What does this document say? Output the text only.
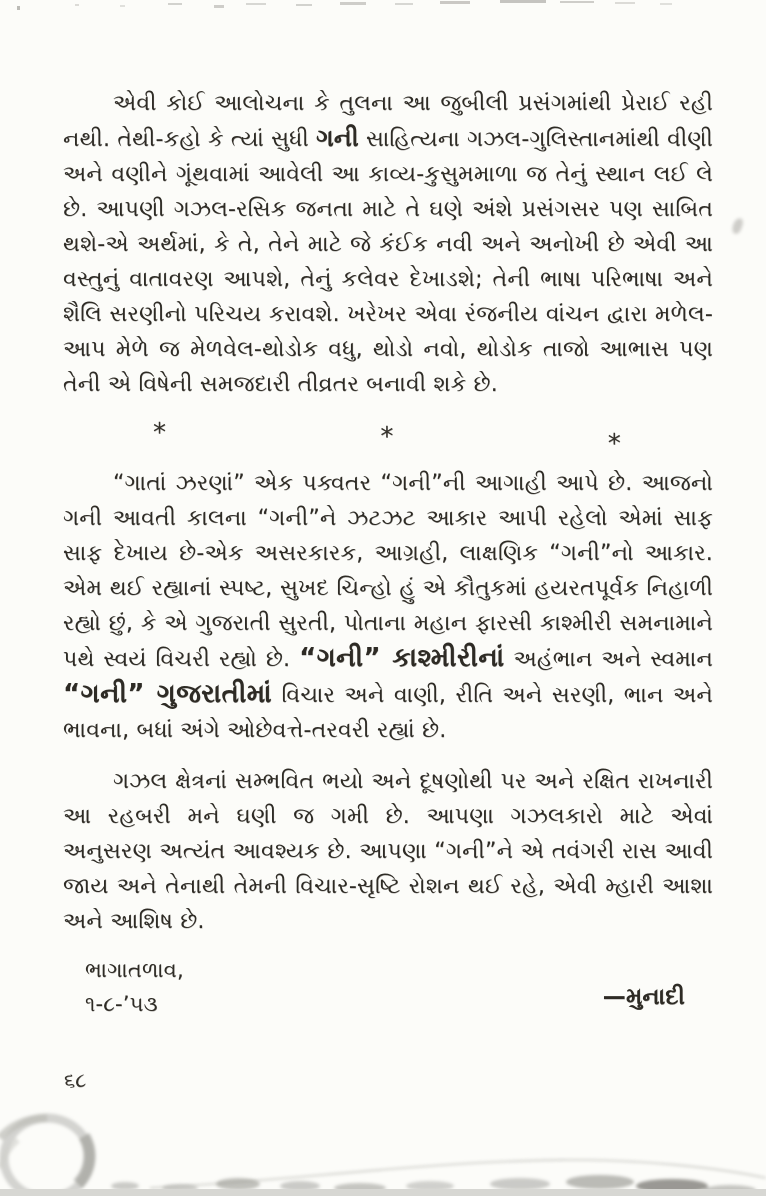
એવી કોઈ આલોચના કે તુલના આ જુબીલી પ્રસંગમાંથી પ્રેરાઈ રહી નથી. તેથી-કહો કે ત્યાં સુધી ગની સાહિત્યના ગઝલ-ગુલિસ્તાનમાંથી વીણી અને વણીને ગૂંથવામાં આવેલી આ કાવ્ય-કુસુમમાળા જ તેનું સ્થાન લઈ લે છે. આપણી ગઝલ-રસિક જનતા માટે તે ઘણે અંશે પ્રસંગસર પણ સાબિત થશે-એ અર્થમાં, કે તે, તેને માટે જે કંઈક નવી અને અનોખી છે એવી આ વસ્તુનું વાતાવરણ આપશે, તેનું કલેવર દેખાડશે; તેની ભાષા પરિભાષા અને શૈલિ સરણીનો પરિચય કરાવશે. ખરેખર એવા રંજનીય વાંચન દ્વારા મળેલ-આપ મેળે જ મેળવેલ-થોડોક વધુ, થોડો નવો, થોડોક તાજો આભાસ પણ તેની એ વિષેની સમજદારી તીવ્રતર બનાવી શકે છે.

*	*	*

“ગાતાં ઝરણાં” એક પક્વતર “ગની”ની આગાહી આપે છે. આજનો ગની આવતી કાલના “ગની”ને ઝટઝટ આકાર આપી રહેલો એમાં સાફ સાફ દેખાય છે-એક અસરકારક, આગ્રહી, લાક્ષણિક “ગની”નો આકાર. એમ થઈ રહ્યાનાં સ્પષ્ટ, સુખદ ચિન્હો હું એ કૌતુકમાં હયરતપૂર્વક નિહાળી રહ્યો છું, કે એ ગુજરાતી સુરતી, પોતાના મહાન ફારસી કાશ્મીરી સમનામાને પથે સ્વયં વિચરી રહ્યો છે. “ગની” કાશ્મીરીનાં અહંભાન અને સ્વમાન “ગની” ગુજરાતીમાં વિચાર અને વાણી, રીતિ અને સરણી, ભાન અને ભાવના, બધાં અંગે ઓછેવત્તે-તરવરી રહ્યાં છે.

ગઝલ ક્ષેત્રનાં સમ્ભવિત ભયો અને દૂષણોથી પર અને રક્ષિત રાખનારી આ રહબરી મને ઘણી જ ગમી છે. આપણા ગઝલકારો માટે એવાં અનુસરણ અત્યંત આવશ્યક છે. આપણા “ગની”ને એ તવંગરી રાસ આવી જાય અને તેનાથી તેમની વિચાર-સૃષ્ટિ રોશન થઈ રહે, એવી મ્હારી આશા અને આશિષ છે.

ભાગાતળાવ,
૧-૮-’૫૩	—મુનાદી
૬૮
